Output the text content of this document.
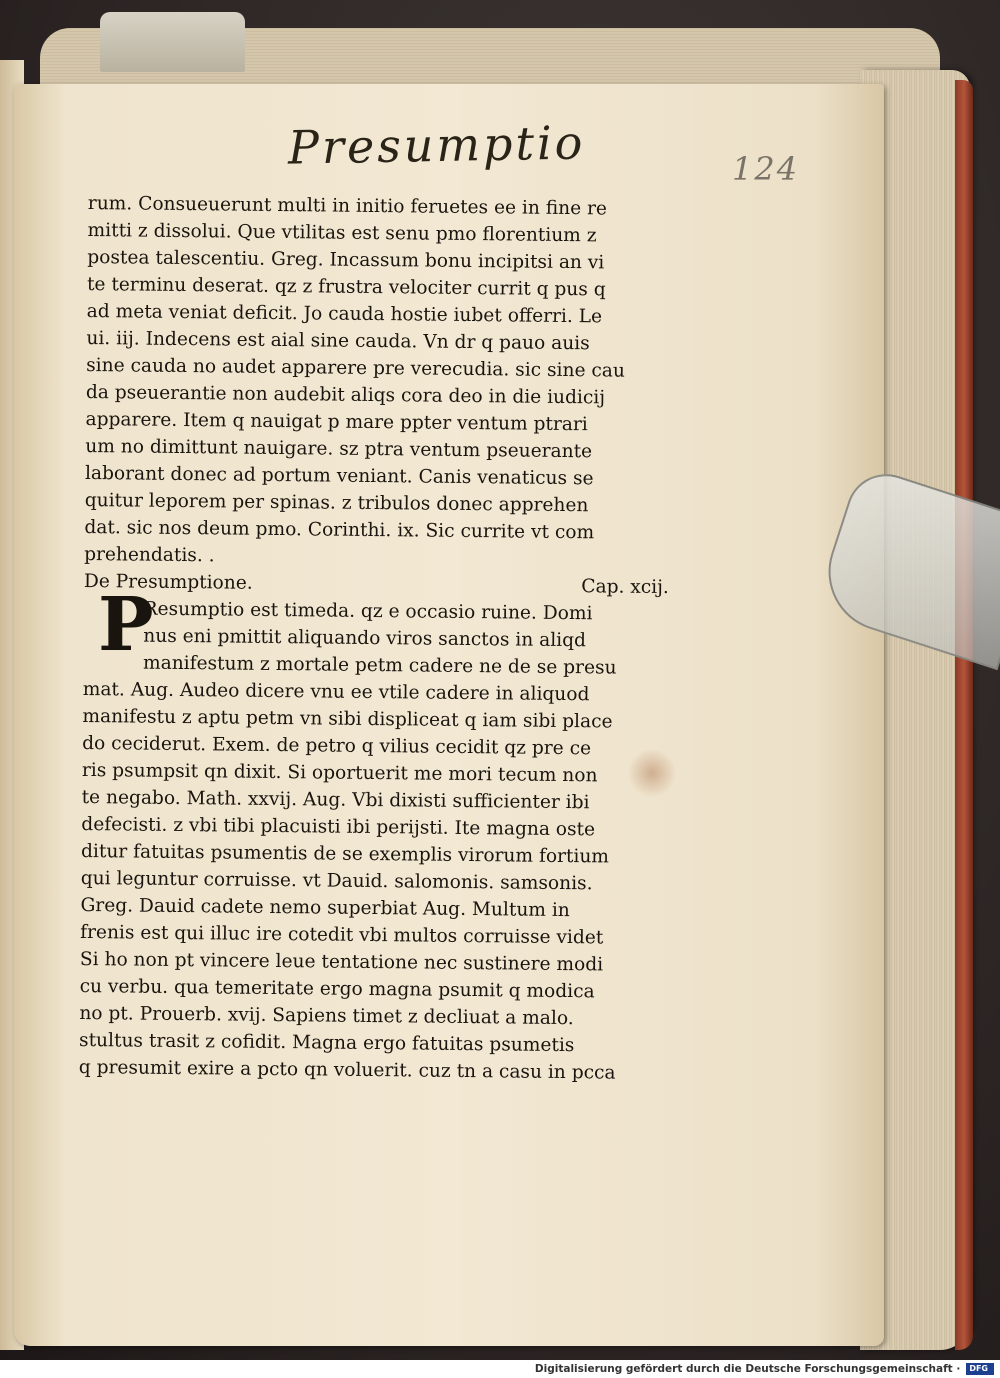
Presumptio	124
rum. Consueuerunt multi in initio feruetes ee in fine re
mitti z dissolui. Que vtilitas est senu pmo florentium z
postea talescentiu. Greg. Incassum bonu incipitsi an vi
te terminu deserat. qz z frustra velociter currit q pus q
ad meta veniat deficit. Jo cauda hostie iubet offerri. Le
ui. iij. Indecens est aial sine cauda. Vn dr q pauo auis
sine cauda no audet apparere pre verecudia. sic sine cau
da pseuerantie non audebit aliqs cora deo in die iudicij
apparere. Item q nauigat p mare ppter ventum ptrari
um no dimittunt nauigare. sz ptra ventum pseuerante
laborant donec ad portum veniant. Canis venaticus se
quitur leporem per spinas. z tribulos donec apprehen
dat. sic nos deum pmo. Corinthi. ix. Sic currite vt com
prehendatis. .
De Presumptione.	Cap. xcij.
Resumptio est timeda. qz e occasio ruine. Domi
nus eni pmittit aliquando viros sanctos in aliqd
manifestum z mortale petm cadere ne de se presu
mat. Aug. Audeo dicere vnu ee vtile cadere in aliquod
manifestu z aptu petm vn sibi displiceat q iam sibi place
do ceciderut. Exem. de petro q vilius cecidit qz pre ce
ris psumpsit qn dixit. Si oportuerit me mori tecum non
te negabo. Math. xxvij. Aug. Vbi dixisti sufficienter ibi
defecisti. z vbi tibi placuisti ibi perijsti. Ite magna oste
ditur fatuitas psumentis de se exemplis virorum fortium
qui leguntur corruisse. vt Dauid. salomonis. samsonis.
Greg. Dauid cadete nemo superbiat Aug. Multum in
frenis est qui illuc ire cotedit vbi multos corruisse videt
Si ho non pt vincere leue tentatione nec sustinere modi
cu verbu. qua temeritate ergo magna psumit q modica
no pt. Prouerb. xvij. Sapiens timet z decliuat a malo.
stultus trasit z cofidit. Magna ergo fatuitas psumetis
q presumit exire a pcto qn voluerit. cuz tn a casu in pcca
P
Digitalisierung gefördert durch die Deutsche Forschungsgemeinschaft · DFG
